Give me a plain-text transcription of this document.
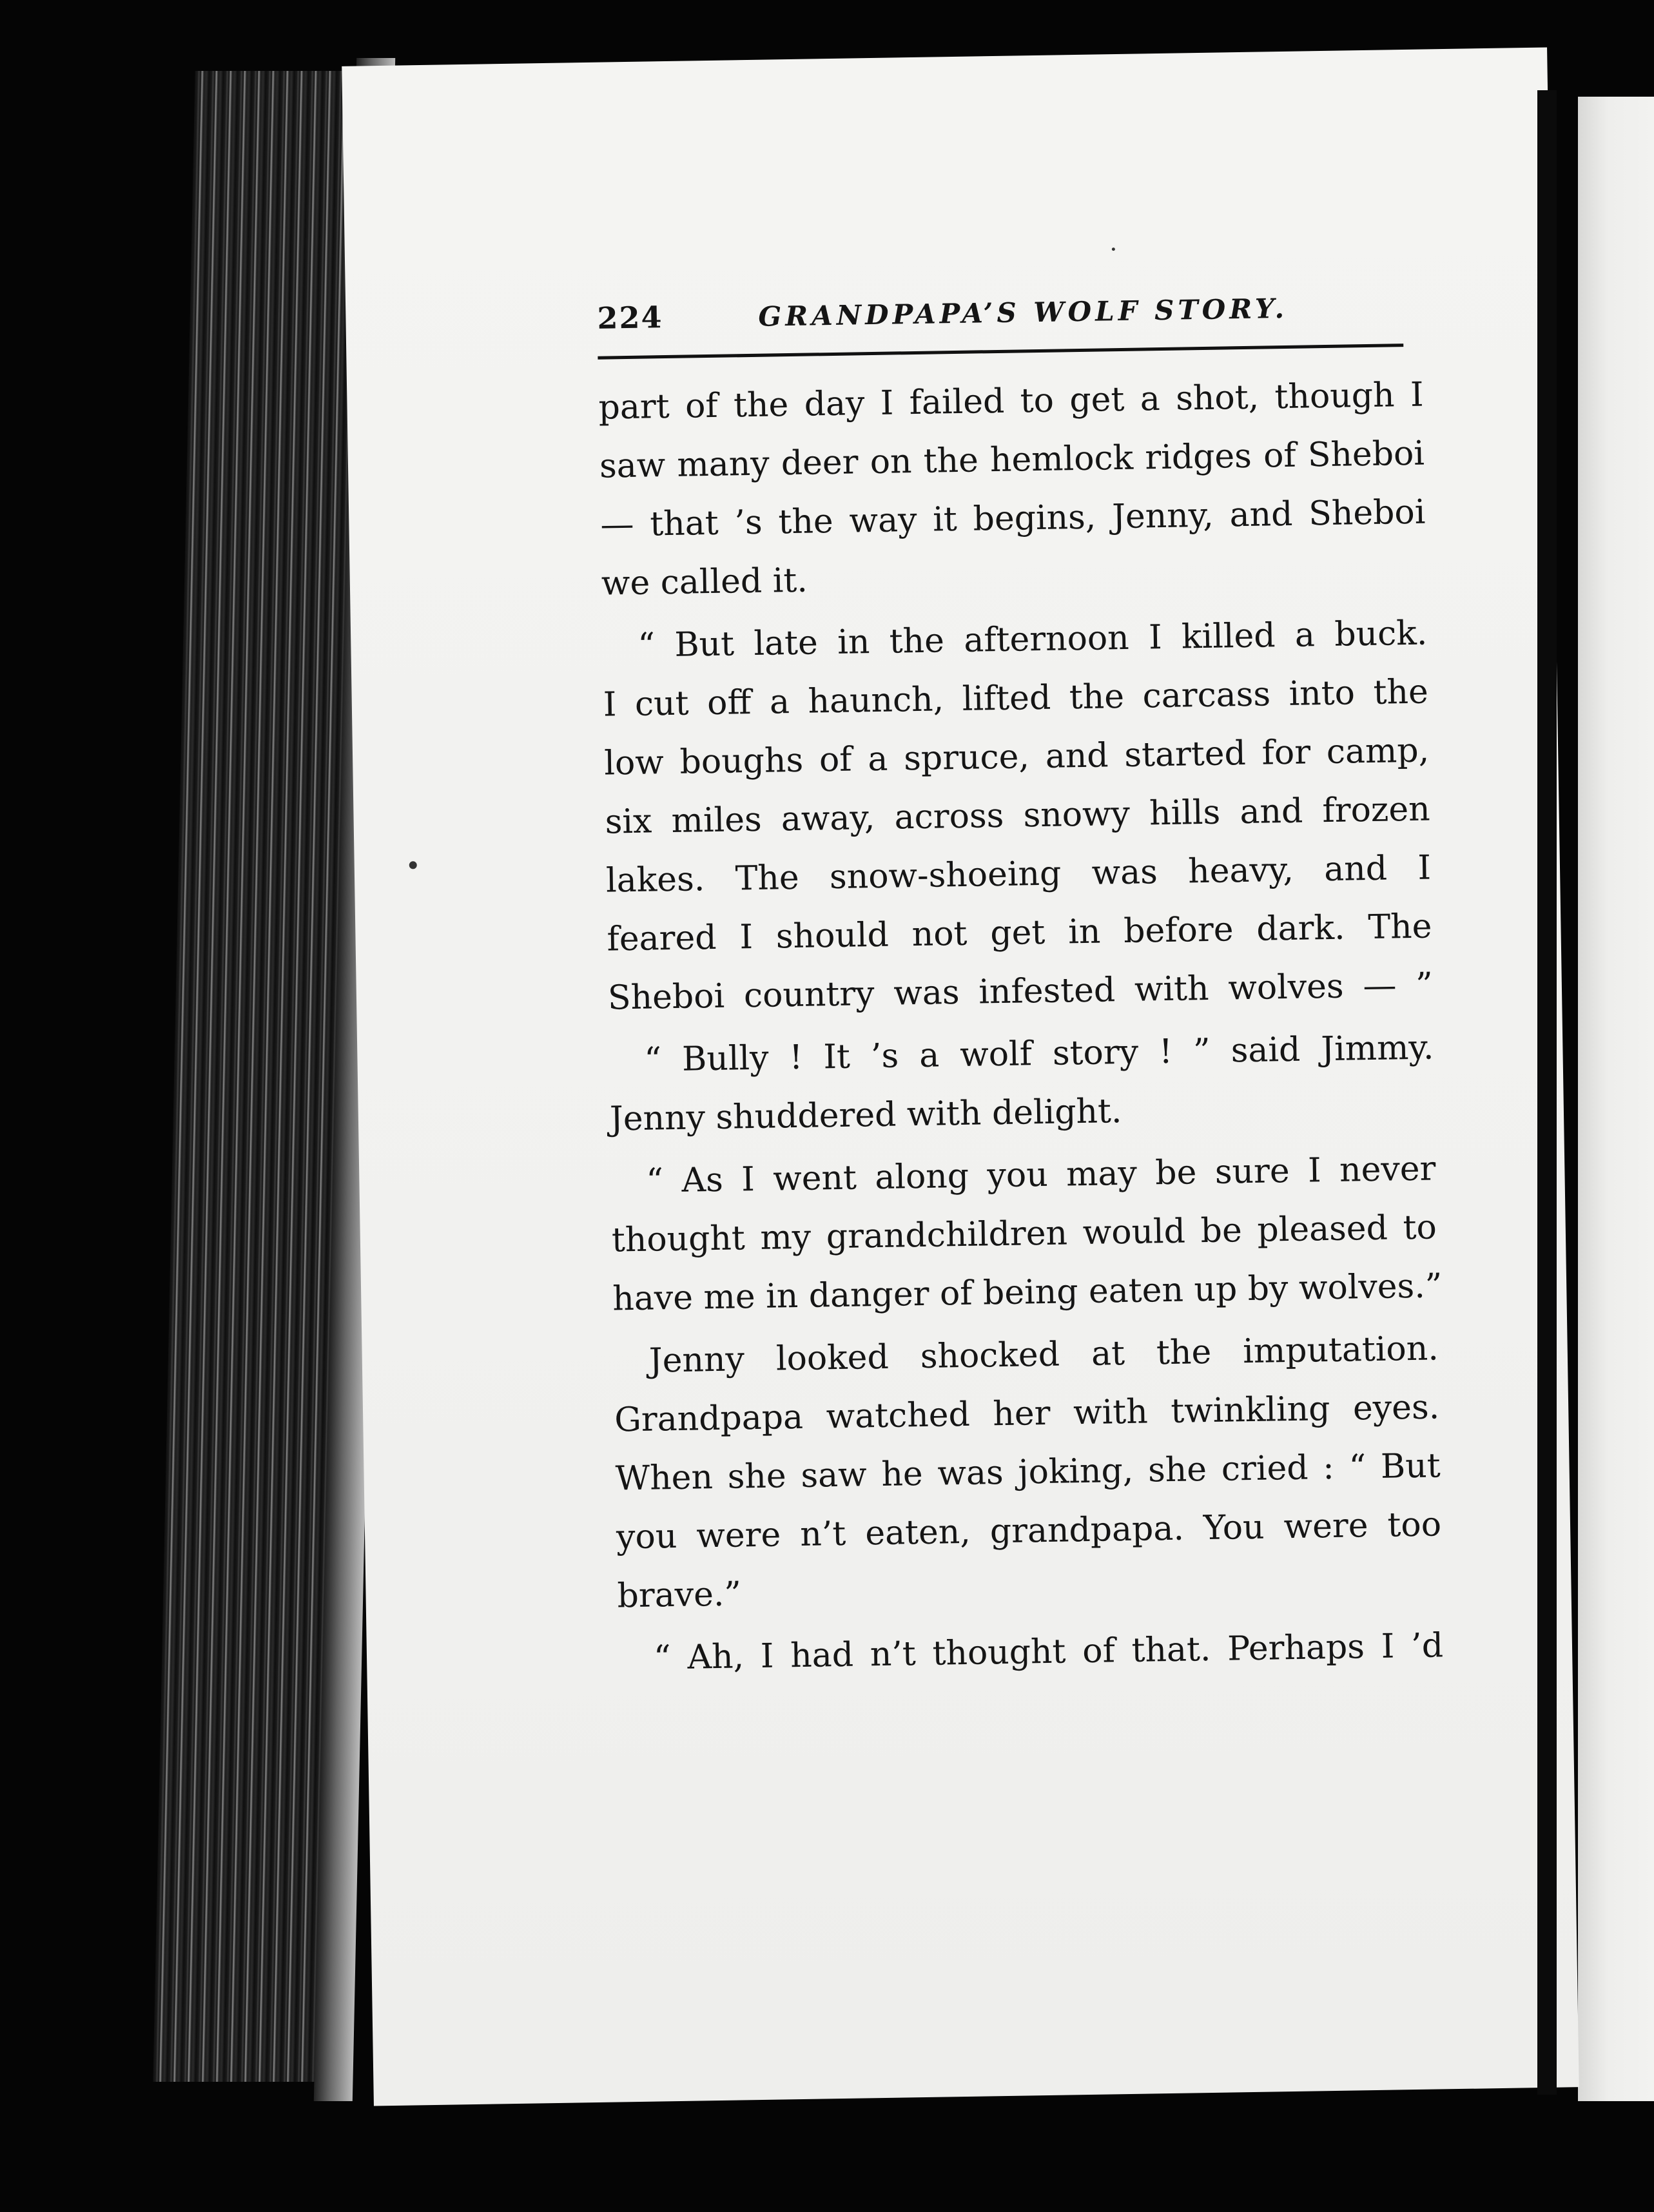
224	GRANDPAPA’S WOLF STORY.

part of the day I failed to get a shot, though I
saw many deer on the hemlock ridges of Sheboi
— that ’s the way it begins, Jenny, and Sheboi
we called it.

“ But late in the afternoon I killed a buck.
I cut off a haunch, lifted the carcass into the
low boughs of a spruce, and started for camp,
six miles away, across snowy hills and frozen
lakes. The snow-shoeing was heavy, and I
feared I should not get in before dark. The
Sheboi country was infested with wolves — ”

“ Bully ! It ’s a wolf story ! ” said Jimmy.
Jenny shuddered with delight.

“ As I went along you may be sure I never
thought my grandchildren would be pleased to
have me in danger of being eaten up by wolves.”

Jenny looked shocked at the imputation.
Grandpapa watched her with twinkling eyes.
When she saw he was joking, she cried : “ But
you were n’t eaten, grandpapa. You were too
brave.”

“ Ah, I had n’t thought of that. Perhaps I ’d
